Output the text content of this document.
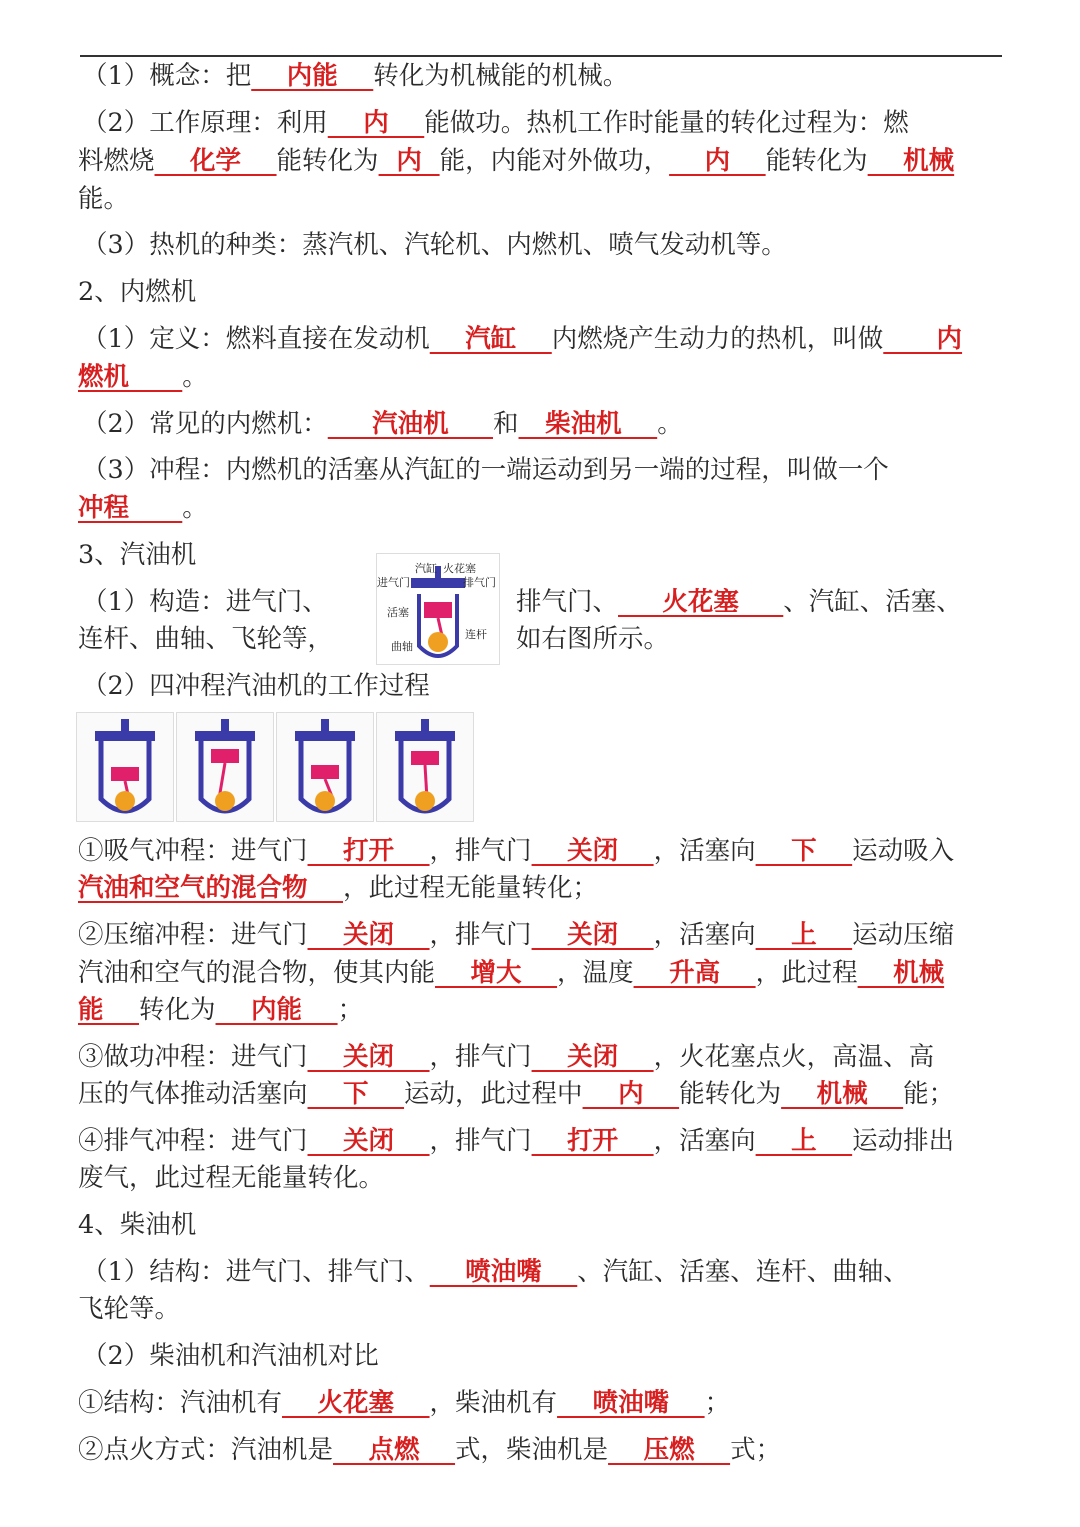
（1）概念：把    内能    转化为机械能的机械。
（2）工作原理：利用    内    能做功。热机工作时能量的转化过程为：燃
料燃烧    化学    能转化为  内  能，内能对外做功，    内    能转化为    机械
能。
（3）热机的种类：蒸汽机、汽轮机、内燃机、喷气发动机等。
2、内燃机
（1）定义：燃料直接在发动机    汽缸    内燃烧产生动力的热机，叫做      内
燃机      。
（2）常见的内燃机：     汽油机     和   柴油机    。
（3）冲程：内燃机的活塞从汽缸的一端运动到另一端的过程，叫做一个
冲程      。
3、汽油机
（1）构造：进气门、	排气门、     火花塞     、汽缸、活塞、
连杆、曲轴、飞轮等，	如右图所示。
汽缸 火花塞
进气门	排气门
活塞
连杆
曲轴
（2）四冲程汽油机的工作过程
①吸气冲程：进气门    打开    ，排气门    关闭    ，活塞向    下    运动吸入
汽油和空气的混合物    ，此过程无能量转化；
②压缩冲程：进气门    关闭    ，排气门    关闭    ，活塞向    上    运动压缩
汽油和空气的混合物，使其内能    增大    ，温度    升高    ，此过程    机械
能    转化为    内能    ；
③做功冲程：进气门    关闭    ，排气门    关闭    ，火花塞点火，高温、高
压的气体推动活塞向    下    运动，此过程中    内    能转化为    机械    能；
④排气冲程：进气门    关闭    ，排气门    打开    ，活塞向    上    运动排出
废气，此过程无能量转化。
4、柴油机
（1）结构：进气门、排气门、    喷油嘴    、汽缸、活塞、连杆、曲轴、
飞轮等。
（2）柴油机和汽油机对比
①结构：汽油机有    火花塞    ，柴油机有    喷油嘴    ；
②点火方式：汽油机是    点燃    式，柴油机是    压燃    式；
